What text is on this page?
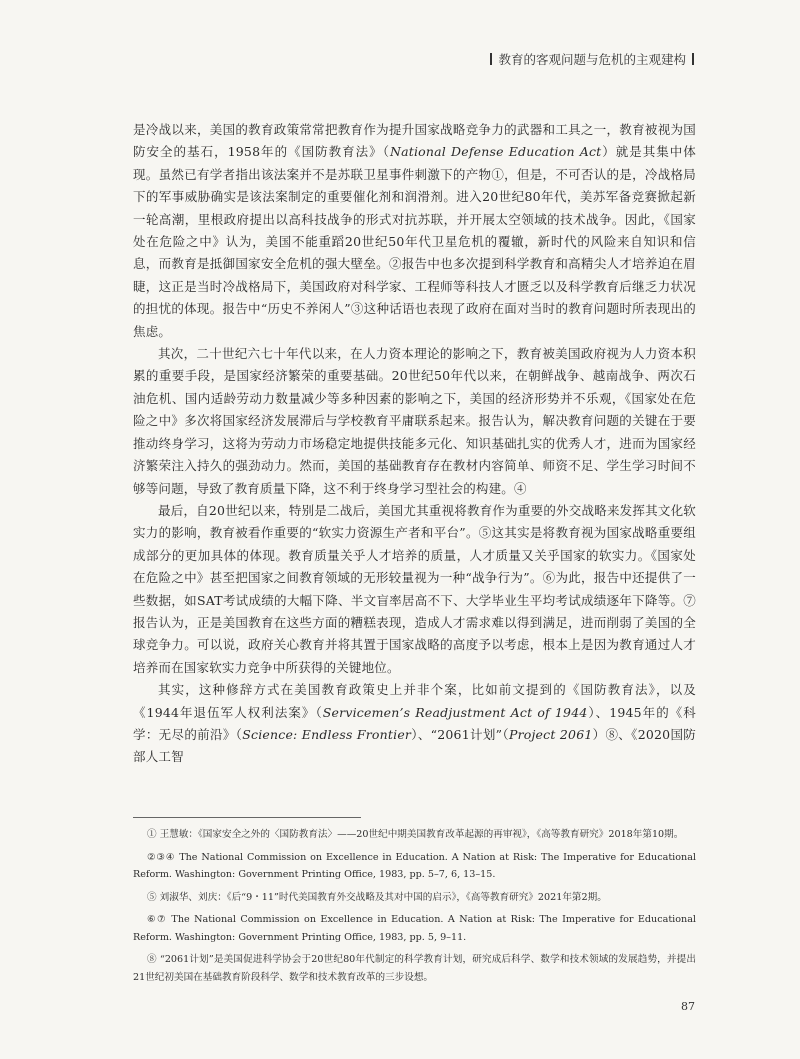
教育的客观问题与危机的主观建构

是冷战以来，美国的教育政策常常把教育作为提升国家战略竞争力的武器和工具之一，教育被视为国防安全的基石，1958年的《国防教育法》（National Defense Education Act）就是其集中体现。虽然已有学者指出该法案并不是苏联卫星事件刺激下的产物①，但是，不可否认的是，冷战格局下的军事威胁确实是该法案制定的重要催化剂和润滑剂。进入20世纪80年代，美苏军备竞赛掀起新一轮高潮，里根政府提出以高科技战争的形式对抗苏联，并开展太空领域的技术战争。因此，《国家处在危险之中》认为，美国不能重蹈20世纪50年代卫星危机的覆辙，新时代的风险来自知识和信息，而教育是抵御国家安全危机的强大壁垒。②报告中也多次提到科学教育和高精尖人才培养迫在眉睫，这正是当时冷战格局下，美国政府对科学家、工程师等科技人才匮乏以及科学教育后继乏力状况的担忧的体现。报告中“历史不养闲人”③这种话语也表现了政府在面对当时的教育问题时所表现出的焦虑。

其次，二十世纪六七十年代以来，在人力资本理论的影响之下，教育被美国政府视为人力资本积累的重要手段，是国家经济繁荣的重要基础。20世纪50年代以来，在朝鲜战争、越南战争、两次石油危机、国内适龄劳动力数量减少等多种因素的影响之下，美国的经济形势并不乐观，《国家处在危险之中》多次将国家经济发展滞后与学校教育平庸联系起来。报告认为，解决教育问题的关键在于要推动终身学习，这将为劳动力市场稳定地提供技能多元化、知识基础扎实的优秀人才，进而为国家经济繁荣注入持久的强劲动力。然而，美国的基础教育存在教材内容简单、师资不足、学生学习时间不够等问题，导致了教育质量下降，这不利于终身学习型社会的构建。④

最后，自20世纪以来，特别是二战后，美国尤其重视将教育作为重要的外交战略来发挥其文化软实力的影响，教育被看作重要的“软实力资源生产者和平台”。⑤这其实是将教育视为国家战略重要组成部分的更加具体的体现。教育质量关乎人才培养的质量，人才质量又关乎国家的软实力。《国家处在危险之中》甚至把国家之间教育领域的无形较量视为一种“战争行为”。⑥为此，报告中还提供了一些数据，如SAT考试成绩的大幅下降、半文盲率居高不下、大学毕业生平均考试成绩逐年下降等。⑦报告认为，正是美国教育在这些方面的糟糕表现，造成人才需求难以得到满足，进而削弱了美国的全球竞争力。可以说，政府关心教育并将其置于国家战略的高度予以考虑，根本上是因为教育通过人才培养而在国家软实力竞争中所获得的关键地位。

其实，这种修辞方式在美国教育政策史上并非个案，比如前文提到的《国防教育法》，以及《1944年退伍军人权利法案》（Servicemen’s Readjustment Act of 1944）、1945年的《科学：无尽的前沿》（Science: Endless Frontier）、“2061计划”（Project 2061）⑧、《2020国防部人工智

① 王慧敏：《国家安全之外的〈国防教育法〉——20世纪中期美国教育改革起源的再审视》，《高等教育研究》2018年第10期。

②③④ The National Commission on Excellence in Education. A Nation at Risk: The Imperative for Educational Reform. Washington: Government Printing Office, 1983, pp. 5–7, 6, 13–15.

⑤ 刘淑华、刘庆：《后“9・11”时代美国教育外交战略及其对中国的启示》，《高等教育研究》2021年第2期。

⑥⑦ The National Commission on Excellence in Education. A Nation at Risk: The Imperative for Educational Reform. Washington: Government Printing Office, 1983, pp. 5, 9–11.

⑧ “2061计划”是美国促进科学协会于20世纪80年代制定的科学教育计划，研究成后科学、数学和技术领域的发展趋势，并提出21世纪初美国在基础教育阶段科学、数学和技术教育改革的三步设想。

87
